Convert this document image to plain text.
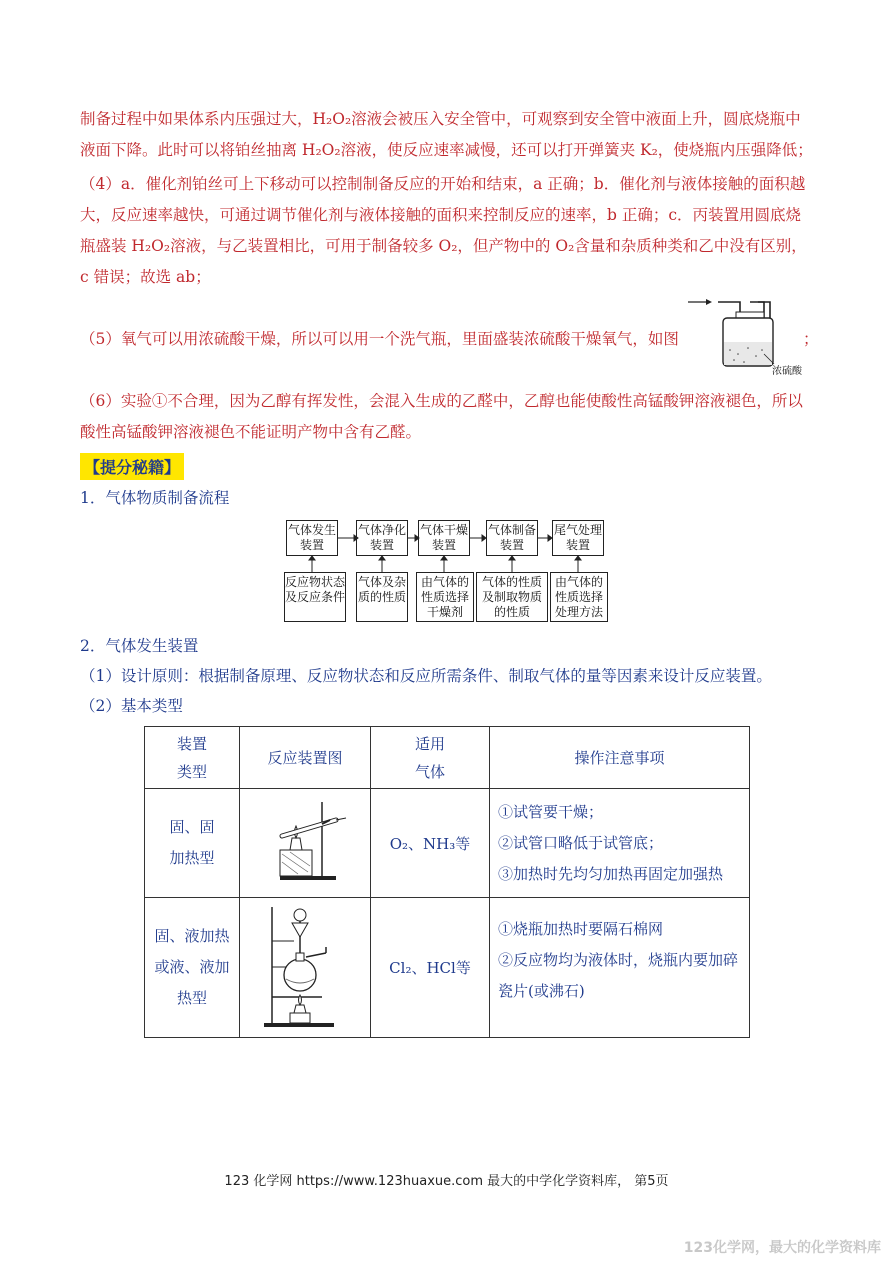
制备过程中如果体系内压强过大，H₂O₂溶液会被压入安全管中，可观察到安全管中液面上升，圆底烧瓶中
液面下降。此时可以将铂丝抽离 H₂O₂溶液，使反应速率减慢，还可以打开弹簧夹 K₂，使烧瓶内压强降低；
（4）a．催化剂铂丝可上下移动可以控制制备反应的开始和结束，a 正确；b．催化剂与液体接触的面积越大，反应速率越快，可通过调节催化剂与液体接触的面积来控制反应的速率，b 正确；c．丙装置用圆底烧瓶盛装 H₂O₂溶液，与乙装置相比，可用于制备较多 O₂，但产物中的 O₂含量和杂质种类和乙中没有区别，c 错误；故选 ab；
（5）氧气可以用浓硫酸干燥，所以可以用一个洗气瓶，里面盛装浓硫酸干燥氧气，如图	；
浓硫酸
（6）实验①不合理，因为乙醇有挥发性，会混入生成的乙醛中，乙醇也能使酸性高锰酸钾溶液褪色，所以酸性高锰酸钾溶液褪色不能证明产物中含有乙醛。
【提分秘籍】
1．气体物质制备流程
气体发生装置
气体净化装置
气体干燥装置
气体制备装置
尾气处理装置
反应物状态及反应条件
气体及杂质的性质
由气体的性质选择干燥剂
气体的性质及制取物质的性质
由气体的性质选择处理方法
2．气体发生装置
（1）设计原则：根据制备原理、反应物状态和反应所需条件、制取气体的量等因素来设计反应装置。
（2）基本类型
装置类型	反应装置图	适用气体	操作注意事项

固、固加热型		O₂、NH₃等	①试管要干燥；
②试管口略低于试管底；
③加热时先均匀加热再固定加强热

固、液加热或液、液加热型		Cl₂、HCl等	①烧瓶加热时要隔石棉网
②反应物均为液体时，烧瓶内要加碎瓷片(或沸石)
123 化学网 https://www.123huaxue.com 最大的中学化学资料库， 第5页
123化学网，最大的化学资料库
